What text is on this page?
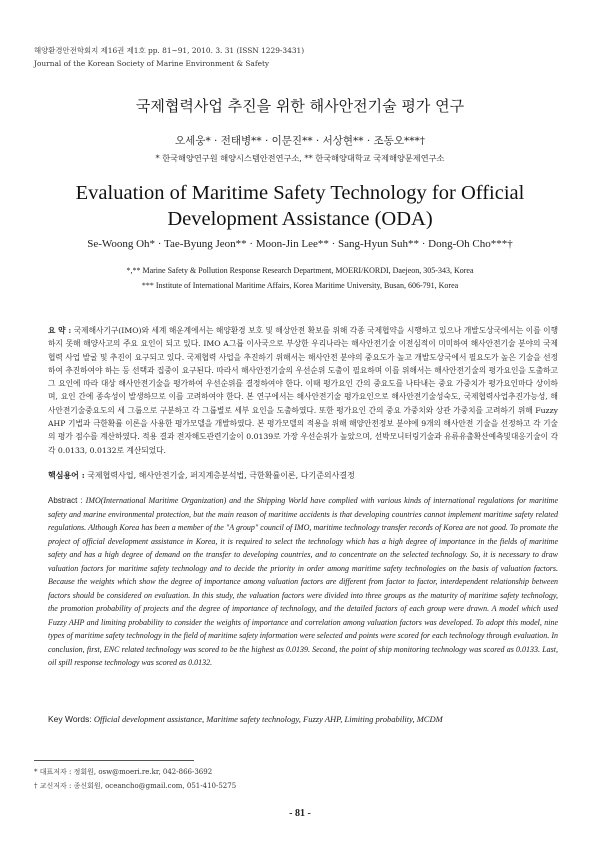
해양환경안전학회지 제16권 제1호 pp. 81~91, 2010. 3. 31 (ISSN 1229-3431)
Journal of the Korean Society of Marine Environment & Safety
국제협력사업 추진을 위한 해사안전기술 평가 연구
오세웅* · 전태병** · 이문진** · 서상현** · 조동오***†
* 한국해양연구원 해양시스템안전연구소, ** 한국해양대학교 국제해양문제연구소
Evaluation of Maritime Safety Technology for Official Development Assistance (ODA)
Se-Woong Oh* · Tae-Byung Jeon** · Moon-Jin Lee** · Sang-Hyun Suh** · Dong-Oh Cho***†
*,** Marine Safety & Pollution Response Research Department, MOERI/KORDI, Daejeon, 305-343, Korea
*** Institute of International Maritime Affairs, Korea Maritime University, Busan, 606-791, Korea
요 약 : 국제해사기구(IMO)와 세계 해운계에서는 해양환경 보호 및 해상안전 확보를 위해 각종 국제협약을 시행하고 있으나 개발도상국에서는 이를 이행하지 못해 해양사고의 주요 요인이 되고 있다. IMO A그룹 이사국으로 부상한 우리나라는 해사안전기술 이전심적이 미미하여 해사안전기술 분야의 국제협력 사업 발굴 및 추진이 요구되고 있다. 국제협력 사업을 추진하기 위해서는 해사안전 분야의 중요도가 높고 개발도상국에서 필요도가 높은 기술을 선정하여 추진하여야 하는 등 선택과 집중이 요구된다. 따라서 해사안전기술의 우선순위 도출이 필요하며 이를 위해서는 해사안전기술의 평가요인을 도출하고 그 요인에 따라 대상 해사안전기술을 평가하여 우선순위를 결정하여야 한다. 이때 평가요인 간의 중요도를 나타내는 중요 가중치가 평가요인마다 상이하며, 요인 간에 종속성이 발생하므로 이를 고려하여야 한다. 본 연구에서는 해사안전기술 평가요인으로 해사안전기술성숙도, 국제협력사업추진가능성, 해사안전기술중요도의 세 그룹으로 구분하고 각 그룹별로 세부 요인을 도출하였다. 또한 평가요인 간의 중요 가중치와 상관 가중치를 고려하기 위해 Fuzzy AHP 기법과 극한확률 이론을 사용한 평가모델을 개발하였다. 본 평가모델의 적용을 위해 해양안전정보 분야에 9개의 해사안전 기술을 선정하고 각 기술의 평가 점수를 계산하였다. 적용 결과 전자해도관련기술이 0.0139로 가장 우선순위가 높았으며, 선박모니터링기술과 유류유출확산예측및대응기술이 각각 0.0133, 0.0132로 계산되었다.
핵심용어 : 국제협력사업, 해사안전기술, 퍼지계층분석법, 극한확률이론, 다기준의사결정
Abstract : IMO(International Maritime Organization) and the Shipping World have complied with various kinds of international regulations for maritime safety and marine environmental protection, but the main reason of maritime accidents is that developing countries cannot implement maritime safety related regulations. Although Korea has been a member of the "A group" council of IMO, maritime technology transfer records of Korea are not good. To promote the project of official development assistance in Korea, it is required to select the technology which has a high degree of importance in the fields of maritime safety and has a high degree of demand on the transfer to developing countries, and to concentrate on the selected technology. So, it is necessary to draw valuation factors for maritime safety technology and to decide the priority in order among maritime safety technologies on the basis of valuation factors. Because the weights which show the degree of importance among valuation factors are different from factor to factor, interdependent relationship between factors should be considered on evaluation. In this study, the valuation factors were divided into three groups as the maturity of maritime safety technology, the promotion probability of projects and the degree of importance of technology, and the detailed factors of each group were drawn. A model which used Fuzzy AHP and limiting probability to consider the weights of importance and correlation among valuation factors was developed. To adopt this model, nine types of maritime safety technology in the field of maritime safety information were selected and points were scored for each technology through evaluation. In conclusion, first, ENC related technology was scored to be the highest as 0.0139. Second, the point of ship monitoring technology was scored as 0.0133. Last, oil spill response technology was scored as 0.0132.
Key Words: Official development assistance, Maritime safety technology, Fuzzy AHP, Limiting probability, MCDM
* 대표저자 : 정회원, osw@moeri.re.kr, 042-866-3692
† 교신저자 : 종신회원, oceancho@gmail.com, 051-410-5275
- 81 -
